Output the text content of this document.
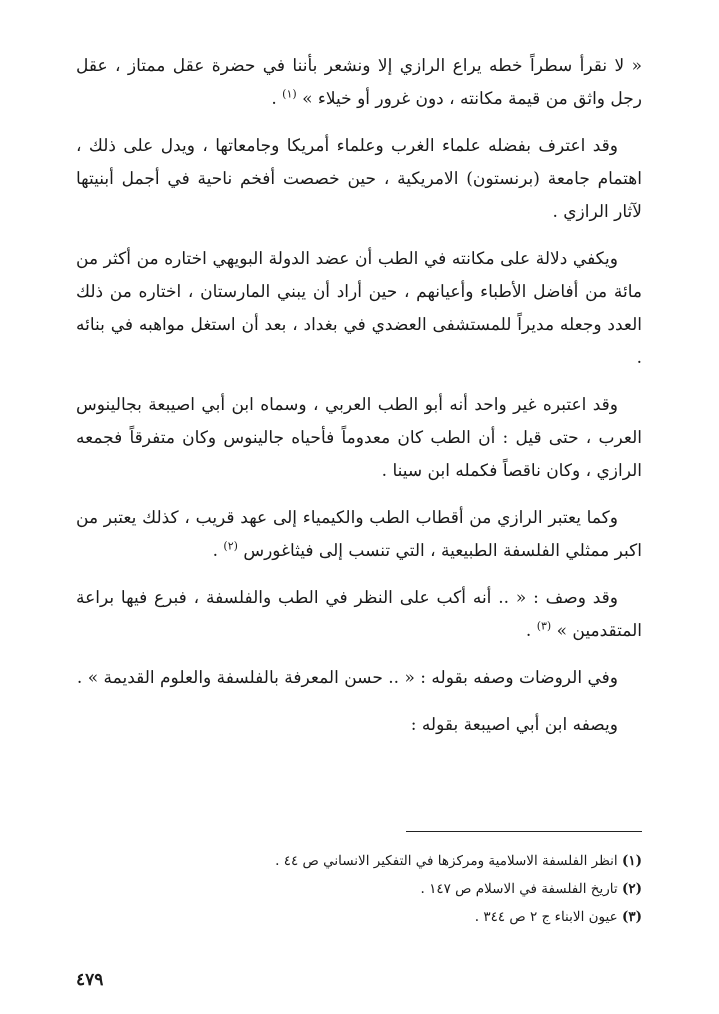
« لا نقرأ سطراً خطه يراع الرازي إلا ونشعر بأننا في حضرة عقل ممتاز ، عقل رجل واثق من قيمة مكانته ، دون غرور أو خيلاء » $^{(١)}$ .

وقد اعترف بفضله علماء الغرب وعلماء أمريكا وجامعاتها ، ويدل على ذلك ، اهتمام جامعة (برنستون) الامريكية ، حين خصصت أفخم ناحية في أجمل أبنيتها لآثار الرازي .

ويكفي دلالة على مكانته في الطب أن عضد الدولة البويهي اختاره من أكثر من مائة من أفاضل الأطباء وأعيانهم ، حين أراد أن يبني المارستان ، اختاره من ذلك العدد وجعله مديراً للمستشفى العضدي في بغداد ، بعد أن استغل مواهبه في بنائه .

وقد اعتبره غير واحد أنه أبو الطب العربي ، وسماه ابن أبي اصيبعة بجالينوس العرب ، حتى قيل : أن الطب كان معدوماً فأحياه جالينوس وكان متفرقاً فجمعه الرازي ، وكان ناقصاً فكمله ابن سينا .

وكما يعتبر الرازي من أقطاب الطب والكيمياء إلى عهد قريب ، كذلك يعتبر من اكبر ممثلي الفلسفة الطبيعية ، التي تنسب إلى فيثاغورس $^{(٢)}$ .

وقد وصف : « .. أنه أكب على النظر في الطب والفلسفة ، فبرع فيها براعة المتقدمين » $^{(٣)}$ .

وفي الروضات وصفه بقوله : « .. حسن المعرفة بالفلسفة والعلوم القديمة » .

ويصفه ابن أبي اصيبعة بقوله :

(١) انظر الفلسفة الاسلامية ومركزها في التفكير الانساني ص ٤٤ .

(٢) تاريخ الفلسفة في الاسلام ص ١٤٧ .

(٣) عيون الابناء ج ٢ ص ٣٤٤ .

٤٧٩
